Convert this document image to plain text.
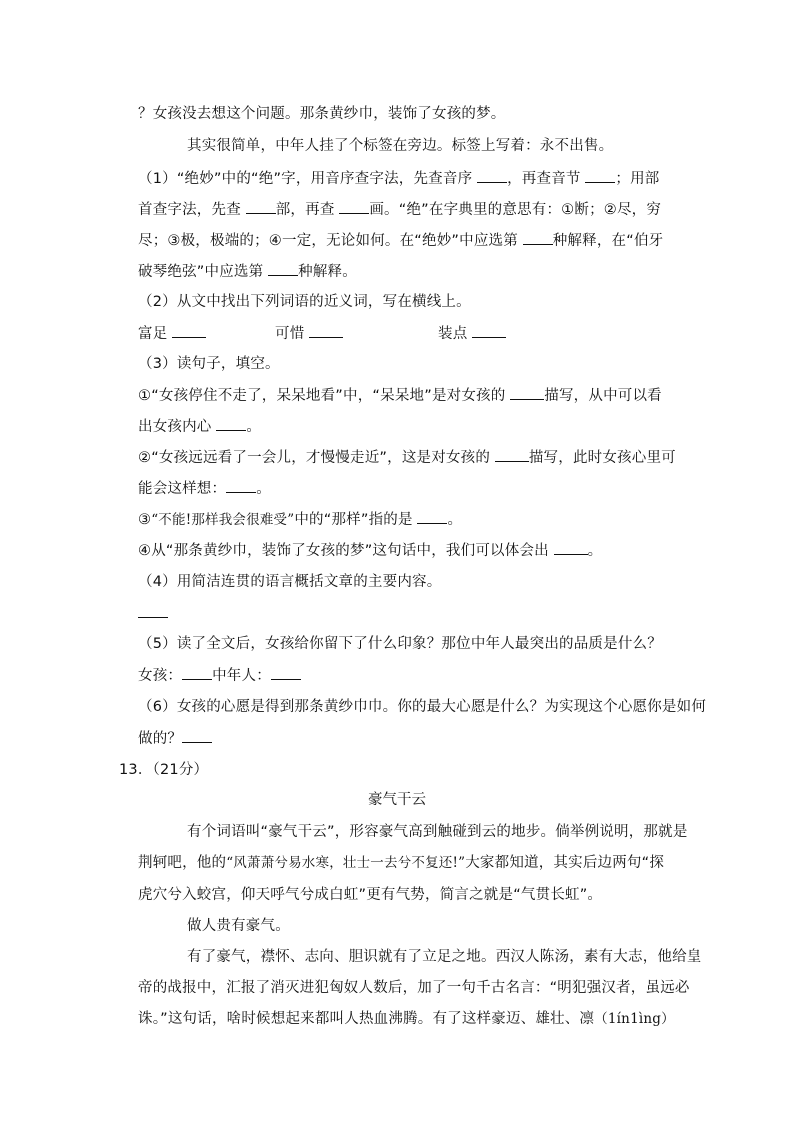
？女孩没去想这个问题。那条黄纱巾，装饰了女孩的梦。
其实很简单，中年人挂了个标签在旁边。标签上写着：永不出售。
（1）“绝妙”中的“绝”字，用音序查字法，先查音序 ，再查音节 ；用部
首查字法，先查 部，再查 画。“绝”在字典里的意思有：①断；②尽，穷
尽；③极，极端的；④一定，无论如何。在“绝妙”中应选第 种解释，在“伯牙
破琴绝弦”中应选第 种解释。
（2）从文中找出下列词语的近义词，写在横线上。
富足	可惜	装点
（3）读句子，填空。
①“女孩停住不走了，呆呆地看”中，“呆呆地”是对女孩的	描写，从中可以看
出女孩内心 。
②“女孩远远看了一会儿，才慢慢走近”，这是对女孩的	描写，此时女孩心里可
能会这样想： 。
③“不能!那样我会很难受”中的“那样”指的是 。
④从“那条黄纱巾，装饰了女孩的梦”这句话中，我们可以体会出	。
（4）用简洁连贯的语言概括文章的主要内容。
（5）读了全文后，女孩给你留下了什么印象？那位中年人最突出的品质是什么？
女孩： 中年人：
（6）女孩的心愿是得到那条黄纱巾巾。你的最大心愿是什么？为实现这个心愿你是如何
做的？
13．（21分）
豪气干云
有个词语叫“豪气干云”，形容豪气高到触碰到云的地步。倘举例说明，那就是
荆轲吧，他的“风萧萧兮易水寒，壮士一去兮不复还!”大家都知道，其实后边两句“探
虎穴兮入蛟宫，仰天呼气兮成白虹”更有气势，简言之就是“气贯长虹”。
做人贵有豪气。
有了豪气，襟怀、志向、胆识就有了立足之地。西汉人陈汤，素有大志，他给皇
帝的战报中，汇报了消灭进犯匈奴人数后，加了一句千古名言：“明犯强汉者，虽远必
诛。”这句话，啥时候想起来都叫人热血沸腾。有了这样豪迈、雄壮、凛（1ín1ìng）
